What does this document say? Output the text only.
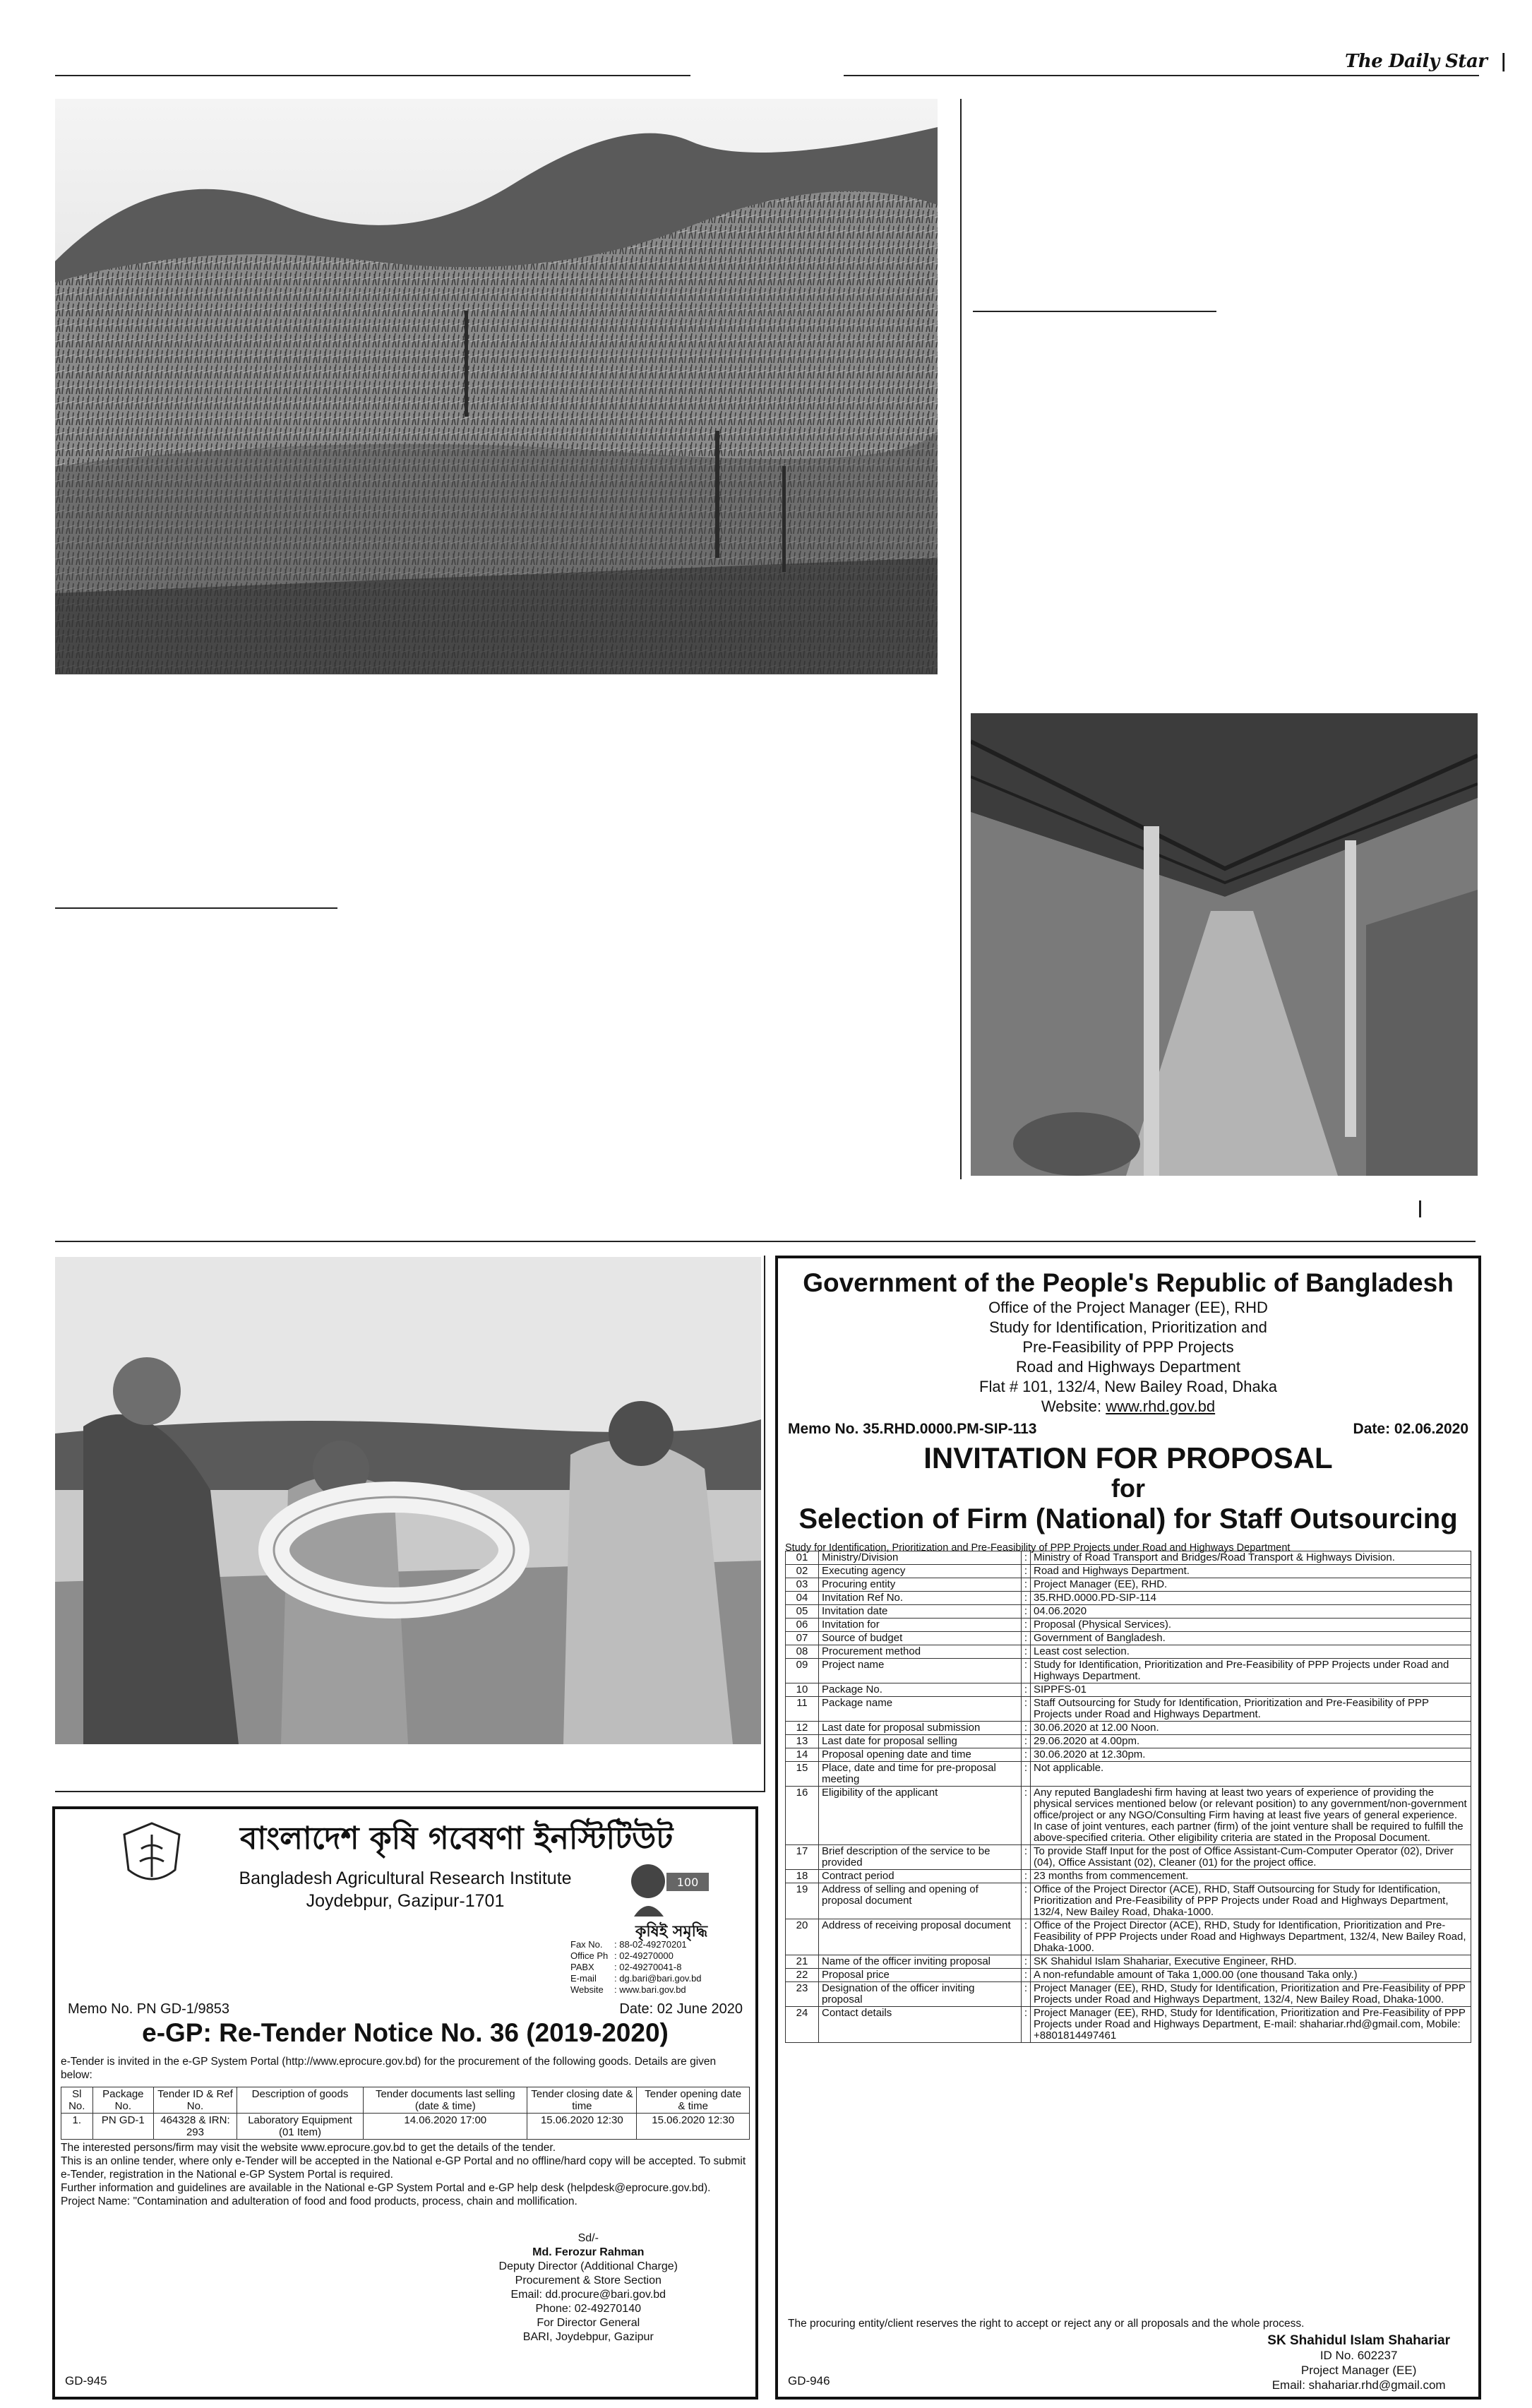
The Daily Star |
Government of the People's Republic of Bangladesh
Office of the Project Manager (EE), RHD
Study for Identification, Prioritization and
Pre-Feasibility of PPP Projects
Road and Highways Department
Flat # 101, 132/4, New Bailey Road, Dhaka
Website: www.rhd.gov.bd
Memo No. 35.RHD.0000.PM-SIP-113	Date: 02.06.2020
INVITATION FOR PROPOSAL
for
Selection of Firm (National) for Staff Outsourcing
Study for Identification, Prioritization and Pre-Feasibility of PPP Projects under Road and Highways Department
01	Ministry/Division	:	Ministry of Road Transport and Bridges/Road Transport & Highways Division.
02	Executing agency	:	Road and Highways Department.
03	Procuring entity	:	Project Manager (EE), RHD.
04	Invitation Ref No.	:	35.RHD.0000.PD-SIP-114
05	Invitation date	:	04.06.2020
06	Invitation for	:	Proposal (Physical Services).
07	Source of budget	:	Government of Bangladesh.
08	Procurement method	:	Least cost selection.
09	Project name	:	Study for Identification, Prioritization and Pre-Feasibility of PPP Projects under Road and Highways Department.
10	Package No.	:	SIPPFS-01
11	Package name	:	Staff Outsourcing for Study for Identification, Prioritization and Pre-Feasibility of PPP Projects under Road and Highways Department.
12	Last date for proposal submission	:	30.06.2020 at 12.00 Noon.
13	Last date for proposal selling	:	29.06.2020 at 4.00pm.
14	Proposal opening date and time	:	30.06.2020 at 12.30pm.
15	Place, date and time for pre-proposal meeting	:	Not applicable.
16	Eligibility of the applicant	:	Any reputed Bangladeshi firm having at least two years of experience of providing the physical services mentioned below (or relevant position) to any government/non-government office/project or any NGO/Consulting Firm having at least five years of general experience. In case of joint ventures, each partner (firm) of the joint venture shall be required to fulfill the above-specified criteria. Other eligibility criteria are stated in the Proposal Document.
17	Brief description of the service to be provided	:	To provide Staff Input for the post of Office Assistant-Cum-Computer Operator (02), Driver (04), Office Assistant (02), Cleaner (01) for the project office.
18	Contract period	:	23 months from commencement.
19	Address of selling and opening of proposal document	:	Office of the Project Director (ACE), RHD, Staff Outsourcing for Study for Identification, Prioritization and Pre-Feasibility of PPP Projects under Road and Highways Department, 132/4, New Bailey Road, Dhaka-1000.
20	Address of receiving proposal document	:	Office of the Project Director (ACE), RHD, Study for Identification, Prioritization and Pre-Feasibility of PPP Projects under Road and Highways Department, 132/4, New Bailey Road, Dhaka-1000.
21	Name of the officer inviting proposal	:	SK Shahidul Islam Shahariar, Executive Engineer, RHD.
22	Proposal price	:	A non-refundable amount of Taka 1,000.00 (one thousand Taka only.)
23	Designation of the officer inviting proposal	:	Project Manager (EE), RHD, Study for Identification, Prioritization and Pre-Feasibility of PPP Projects under Road and Highways Department, 132/4, New Bailey Road, Dhaka-1000.
24	Contact details	:	Project Manager (EE), RHD, Study for Identification, Prioritization and Pre-Feasibility of PPP Projects under Road and Highways Department, E-mail: shahariar.rhd@gmail.com, Mobile: +8801814497461
The procuring entity/client reserves the right to accept or reject any or all proposals and the whole process.
SK Shahidul Islam Shahariar
ID No. 602237
Project Manager (EE)
Email: shahariar.rhd@gmail.com
GD-946
বাংলাদেশ কৃষি গবেষণা ইনস্টিটিউট
Bangladesh Agricultural Research Institute
Joydebpur, Gazipur-1701
100
কৃষিই সমৃদ্ধি
Fax No. : 88-02-49270201
Office Ph : 02-49270000
PABX : 02-49270041-8
E-mail : dg.bari@bari.gov.bd
Website : www.bari.gov.bd
Memo No. PN GD-1/9853	Date: 02 June 2020
e-GP: Re-Tender Notice No. 36 (2019-2020)
e-Tender is invited in the e-GP System Portal (http://www.eprocure.gov.bd) for the procurement of the following goods. Details are given below:
Sl No.	Package No.	Tender ID & Ref No.	Description of goods	Tender documents last selling (date & time)	Tender closing date & time	Tender opening date & time
1.	PN GD-1	464328 & IRN: 293	Laboratory Equipment (01 Item)	14.06.2020 17:00	15.06.2020 12:30	15.06.2020 12:30
The interested persons/firm may visit the website www.eprocure.gov.bd to get the details of the tender.
This is an online tender, where only e-Tender will be accepted in the National e-GP Portal and no offline/hard copy will be accepted. To submit e-Tender, registration in the National e-GP System Portal is required.
Further information and guidelines are available in the National e-GP System Portal and e-GP help desk (helpdesk@eprocure.gov.bd).
Project Name: "Contamination and adulteration of food and food products, process, chain and mollification.
Sd/-
Md. Ferozur Rahman
Deputy Director (Additional Charge)
Procurement & Store Section
Email: dd.procure@bari.gov.bd
Phone: 02-49270140
For Director General
BARI, Joydebpur, Gazipur
GD-945
